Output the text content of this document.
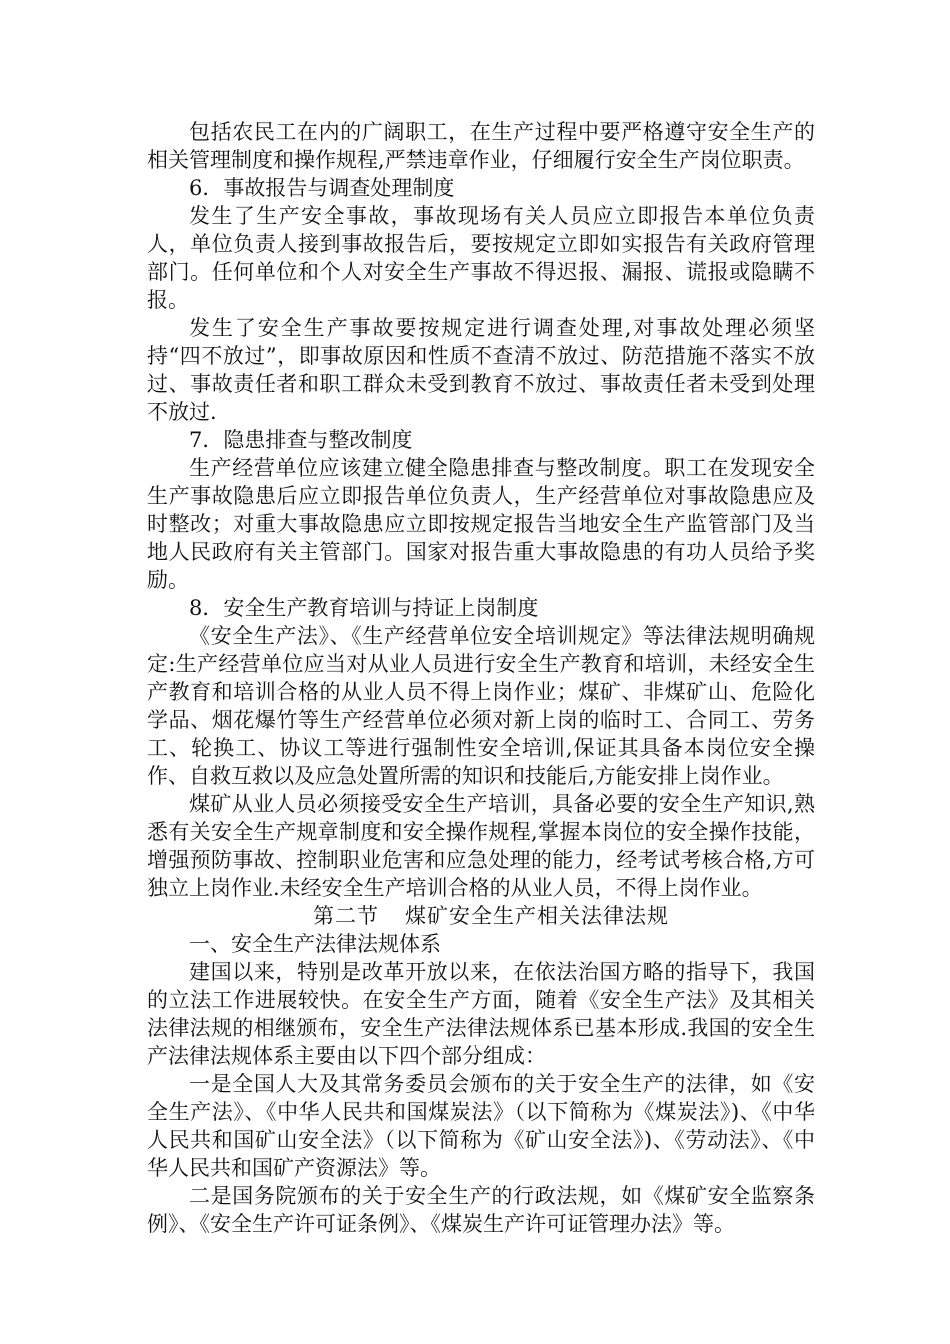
包括农民工在内的广阔职工，在生产过程中要严格遵守安全生产的相关管理制度和操作规程,严禁违章作业，仔细履行安全生产岗位职责。

6．事故报告与调查处理制度

发生了生产安全事故，事故现场有关人员应立即报告本单位负责人，单位负责人接到事故报告后，要按规定立即如实报告有关政府管理部门。任何单位和个人对安全生产事故不得迟报、漏报、谎报或隐瞒不报。

发生了安全生产事故要按规定进行调查处理,对事故处理必须坚持“四不放过”，即事故原因和性质不查清不放过、防范措施不落实不放过、事故责任者和职工群众未受到教育不放过、事故责任者未受到处理不放过.

7．隐患排查与整改制度

生产经营单位应该建立健全隐患排查与整改制度。职工在发现安全生产事故隐患后应立即报告单位负责人，生产经营单位对事故隐患应及时整改；对重大事故隐患应立即按规定报告当地安全生产监管部门及当地人民政府有关主管部门。国家对报告重大事故隐患的有功人员给予奖励。

8．安全生产教育培训与持证上岗制度

《安全生产法》、《生产经营单位安全培训规定》等法律法规明确规定:生产经营单位应当对从业人员进行安全生产教育和培训，未经安全生产教育和培训合格的从业人员不得上岗作业；煤矿、非煤矿山、危险化学品、烟花爆竹等生产经营单位必须对新上岗的临时工、合同工、劳务工、轮换工、协议工等进行强制性安全培训,保证其具备本岗位安全操作、自救互救以及应急处置所需的知识和技能后,方能安排上岗作业。

煤矿从业人员必须接受安全生产培训，具备必要的安全生产知识,熟悉有关安全生产规章制度和安全操作规程,掌握本岗位的安全操作技能，增强预防事故、控制职业危害和应急处理的能力，经考试考核合格,方可独立上岗作业.未经安全生产培训合格的从业人员，不得上岗作业。

第二节 煤矿安全生产相关法律法规

一、安全生产法律法规体系

建国以来，特别是改革开放以来，在依法治国方略的指导下，我国的立法工作进展较快。在安全生产方面，随着《安全生产法》及其相关法律法规的相继颁布，安全生产法律法规体系已基本形成.我国的安全生产法律法规体系主要由以下四个部分组成：

一是全国人大及其常务委员会颁布的关于安全生产的法律，如《安全生产法》、《中华人民共和国煤炭法》（以下简称为《煤炭法》)、《中华人民共和国矿山安全法》（以下简称为《矿山安全法》)、《劳动法》、《中华人民共和国矿产资源法》等。

二是国务院颁布的关于安全生产的行政法规，如《煤矿安全监察条例》、《安全生产许可证条例》、《煤炭生产许可证管理办法》等。
